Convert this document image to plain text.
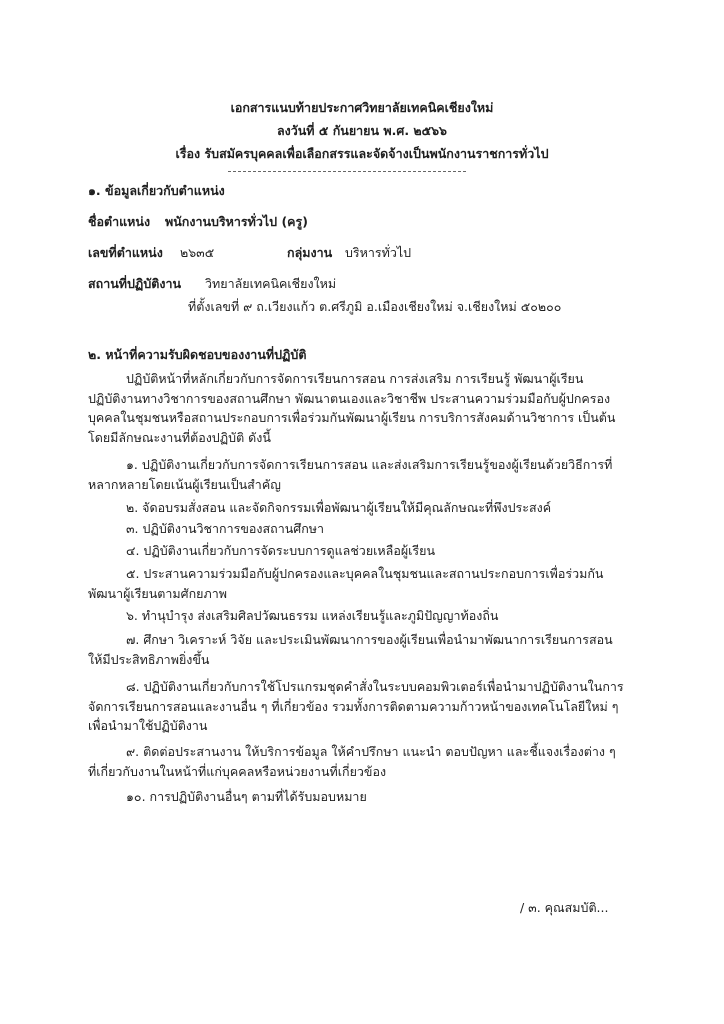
เอกสารแนบท้ายประกาศวิทยาลัยเทคนิคเชียงใหม่
ลงวันที่ ๕ กันยายน พ.ศ. ๒๕๖๖
เรื่อง รับสมัครบุคคลเพื่อเลือกสรรและจัดจ้างเป็นพนักงานราชการทั่วไป
๑. ข้อมูลเกี่ยวกับตำแหน่ง
ชื่อตำแหน่ง พนักงานบริหารทั่วไป (ครู)
เลขที่ตำแหน่ง ๒๖๓๕	กลุ่มงาน บริหารทั่วไป
สถานที่ปฏิบัติงาน วิทยาลัยเทคนิคเชียงใหม่
ที่ตั้งเลขที่ ๙ ถ.เวียงแก้ว ต.ศรีภูมิ อ.เมืองเชียงใหม่ จ.เชียงใหม่ ๕๐๒๐๐
๒. หน้าที่ความรับผิดชอบของงานที่ปฏิบัติ
ปฏิบัติหน้าที่หลักเกี่ยวกับการจัดการเรียนการสอน การส่งเสริม การเรียนรู้ พัฒนาผู้เรียน
ปฏิบัติงานทางวิชาการของสถานศึกษา พัฒนาตนเองและวิชาชีพ ประสานความร่วมมือกับผู้ปกครอง
บุคคลในชุมชนหรือสถานประกอบการเพื่อร่วมกันพัฒนาผู้เรียน การบริการสังคมด้านวิชาการ เป็นต้น
โดยมีลักษณะงานที่ต้องปฏิบัติ ดังนี้
๑. ปฏิบัติงานเกี่ยวกับการจัดการเรียนการสอน และส่งเสริมการเรียนรู้ของผู้เรียนด้วยวิธีการที่
หลากหลายโดยเน้นผู้เรียนเป็นสำคัญ
๒. จัดอบรมสั่งสอน และจัดกิจกรรมเพื่อพัฒนาผู้เรียนให้มีคุณลักษณะที่พึงประสงค์
๓. ปฏิบัติงานวิชาการของสถานศึกษา
๔. ปฏิบัติงานเกี่ยวกับการจัดระบบการดูแลช่วยเหลือผู้เรียน
๕. ประสานความร่วมมือกับผู้ปกครองและบุคคลในชุมชนและสถานประกอบการเพื่อร่วมกัน
พัฒนาผู้เรียนตามศักยภาพ
๖. ทำนุบำรุง ส่งเสริมศิลปวัฒนธรรม แหล่งเรียนรู้และภูมิปัญญาท้องถิ่น
๗. ศึกษา วิเคราะห์ วิจัย และประเมินพัฒนาการของผู้เรียนเพื่อนำมาพัฒนาการเรียนการสอน
ให้มีประสิทธิภาพยิ่งขึ้น
๘. ปฏิบัติงานเกี่ยวกับการใช้โปรแกรมชุดคำสั่งในระบบคอมพิวเตอร์เพื่อนำมาปฏิบัติงานในการ
จัดการเรียนการสอนและงานอื่น ๆ ที่เกี่ยวข้อง รวมทั้งการติดตามความก้าวหน้าของเทคโนโลยีใหม่ ๆ
เพื่อนำมาใช้ปฏิบัติงาน
๙. ติดต่อประสานงาน ให้บริการข้อมูล ให้คำปรึกษา แนะนำ ตอบปัญหา และชี้แจงเรื่องต่าง ๆ
ที่เกี่ยวกับงานในหน้าที่แก่บุคคลหรือหน่วยงานที่เกี่ยวข้อง
๑๐. การปฏิบัติงานอื่นๆ ตามที่ได้รับมอบหมาย
/ ๓. คุณสมบัติ...
